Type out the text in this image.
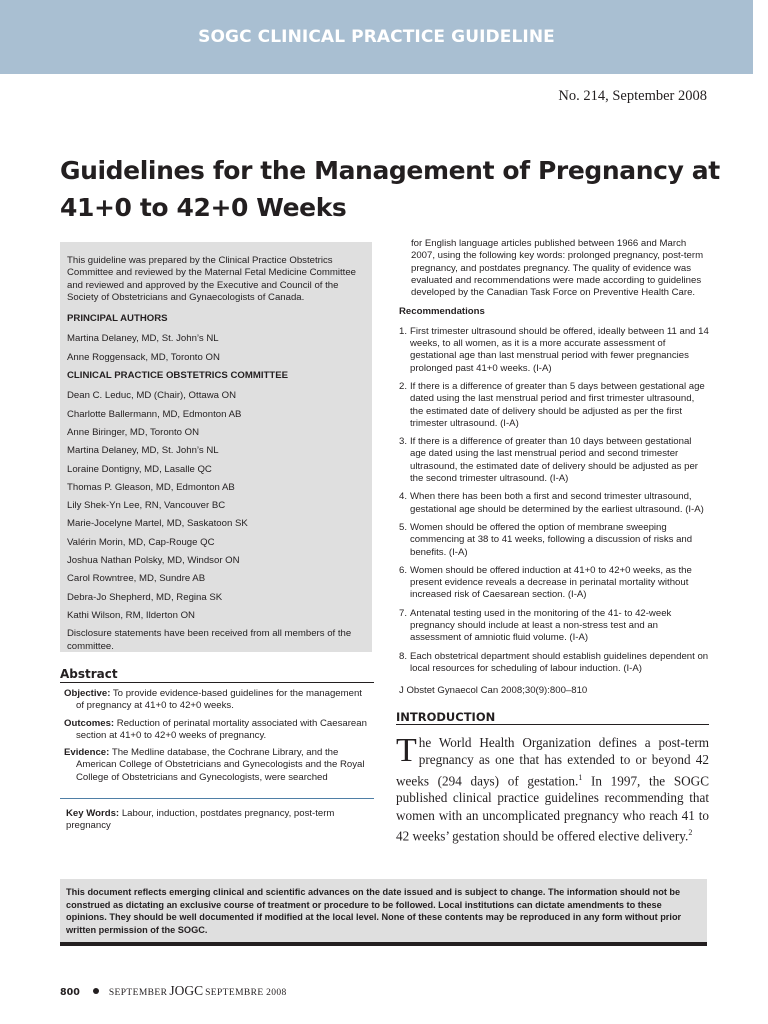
SOGC CLINICAL PRACTICE GUIDELINE
No. 214, September 2008
Guidelines for the Management of Pregnancy at
41+0 to 42+0 Weeks

This guideline was prepared by the Clinical Practice Obstetrics Committee and reviewed by the Maternal Fetal Medicine Committee and reviewed and approved by the Executive and Council of the Society of Obstetricians and Gynaecologists of Canada.

PRINCIPAL AUTHORS

Martina Delaney, MD, St. John’s NL

Anne Roggensack, MD, Toronto ON

CLINICAL PRACTICE OBSTETRICS COMMITTEE

Dean C. Leduc, MD (Chair), Ottawa ON

Charlotte Ballermann, MD, Edmonton AB

Anne Biringer, MD, Toronto ON

Martina Delaney, MD, St. John’s NL

Loraine Dontigny, MD, Lasalle QC

Thomas P. Gleason, MD, Edmonton AB

Lily Shek-Yn Lee, RN, Vancouver BC

Marie-Jocelyne Martel, MD, Saskatoon SK

Valérin Morin, MD, Cap-Rouge QC

Joshua Nathan Polsky, MD, Windsor ON

Carol Rowntree, MD, Sundre AB

Debra-Jo Shepherd, MD, Regina SK

Kathi Wilson, RM, Ilderton ON

Disclosure statements have been received from all members of the committee.

Abstract

Objective: To provide evidence-based guidelines for the management of pregnancy at 41+0 to 42+0 weeks.

Outcomes: Reduction of perinatal mortality associated with Caesarean section at 41+0 to 42+0 weeks of pregnancy.

Evidence: The Medline database, the Cochrane Library, and the American College of Obstetricians and Gynecologists and the Royal College of Obstetricians and Gynecologists, were searched

Key Words: Labour, induction, postdates pregnancy, post-term pregnancy

for English language articles published between 1966 and March 2007, using the following key words: prolonged pregnancy, post-term pregnancy, and postdates pregnancy. The quality of evidence was evaluated and recommendations were made according to guidelines developed by the Canadian Task Force on Preventive Health Care.

Recommendations

1. First trimester ultrasound should be offered, ideally between 11 and 14 weeks, to all women, as it is a more accurate assessment of gestational age than last menstrual period with fewer pregnancies prolonged past 41+0 weeks. (I-A)
2. If there is a difference of greater than 5 days between gestational age dated using the last menstrual period and first trimester ultrasound, the estimated date of delivery should be adjusted as per the first trimester ultrasound. (I-A)
3. If there is a difference of greater than 10 days between gestational age dated using the last menstrual period and second trimester ultrasound, the estimated date of delivery should be adjusted as per the second trimester ultrasound. (I-A)
4. When there has been both a first and second trimester ultrasound, gestational age should be determined by the earliest ultrasound. (I-A)
5. Women should be offered the option of membrane sweeping commencing at 38 to 41 weeks, following a discussion of risks and benefits. (I-A)
6. Women should be offered induction at 41+0 to 42+0 weeks, as the present evidence reveals a decrease in perinatal mortality without increased risk of Caesarean section. (I-A)
7. Antenatal testing used in the monitoring of the 41- to 42-week pregnancy should include at least a non-stress test and an assessment of amniotic fluid volume. (I-A)
8. Each obstetrical department should establish guidelines dependent on local resources for scheduling of labour induction. (I-A)

J Obstet Gynaecol Can 2008;30(9):800–810

INTRODUCTION

The World Health Organization defines a post-term pregnancy as one that has extended to or beyond 42 weeks (294 days) of gestation.$^1$ In 1997, the SOGC published clinical practice guidelines recommending that women with an uncomplicated pregnancy who reach 41 to 42 weeks’ gestation should be offered elective delivery.$^2$

This document reflects emerging clinical and scientific advances on the date issued and is subject to change. The information should not be construed as dictating an exclusive course of treatment or procedure to be followed. Local institutions can dictate amendments to these opinions. They should be well documented if modified at the local level. None of these contents may be reproduced in any form without prior written permission of the SOGC.

800	SEPTEMBER JOGC SEPTEMBRE
2008
